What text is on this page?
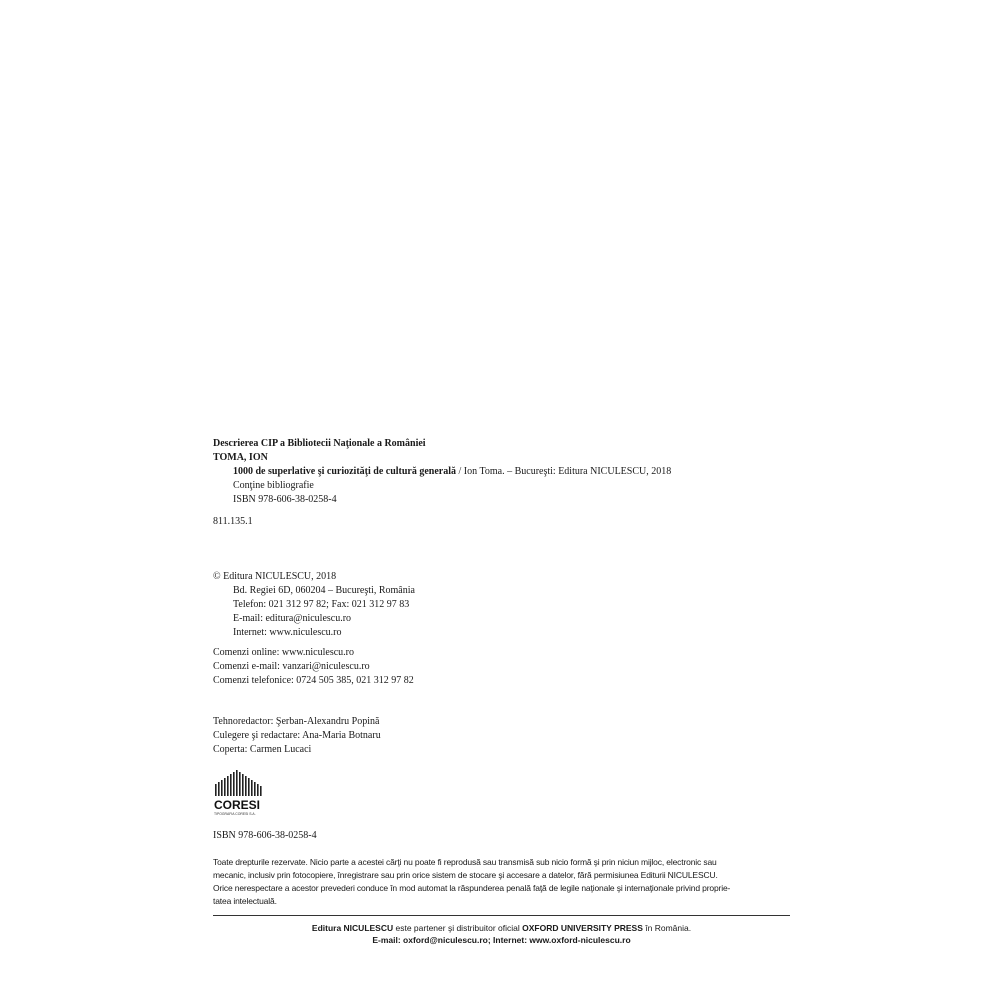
Descrierea CIP a Bibliotecii Naţionale a României
TOMA, ION
1000 de superlative şi curiozităţi de cultură generală / Ion Toma. – Bucureşti: Editura NICULESCU, 2018
Conţine bibliografie
ISBN 978-606-38-0258-4
811.135.1
© Editura NICULESCU, 2018
Bd. Regiei 6D, 060204 – Bucureşti, România
Telefon: 021 312 97 82; Fax: 021 312 97 83
E-mail: editura@niculescu.ro
Internet: www.niculescu.ro
Comenzi online: www.niculescu.ro
Comenzi e-mail: vanzari@niculescu.ro
Comenzi telefonice: 0724 505 385, 021 312 97 82
Tehnoredactor: Şerban-Alexandru Popină
Culegere şi redactare: Ana-Maria Botnaru
Coperta: Carmen Lucaci
CORESI
TIPOGRAFIA CORESI S.A.
ISBN 978-606-38-0258-4
Toate drepturile rezervate. Nicio parte a acestei cărţi nu poate fi reprodusă sau transmisă sub nicio formă şi prin niciun mijloc, electronic sau
mecanic, inclusiv prin fotocopiere, înregistrare sau prin orice sistem de stocare şi accesare a datelor, fără permisiunea Editurii NICULESCU.
Orice nerespectare a acestor prevederi conduce în mod automat la răspunderea penală faţă de legile naţionale şi internaţionale privind proprie-
tatea intelectuală.
Editura NICULESCU este partener şi distribuitor oficial OXFORD UNIVERSITY PRESS în România.
E-mail: oxford@niculescu.ro; Internet: www.oxford-niculescu.ro
